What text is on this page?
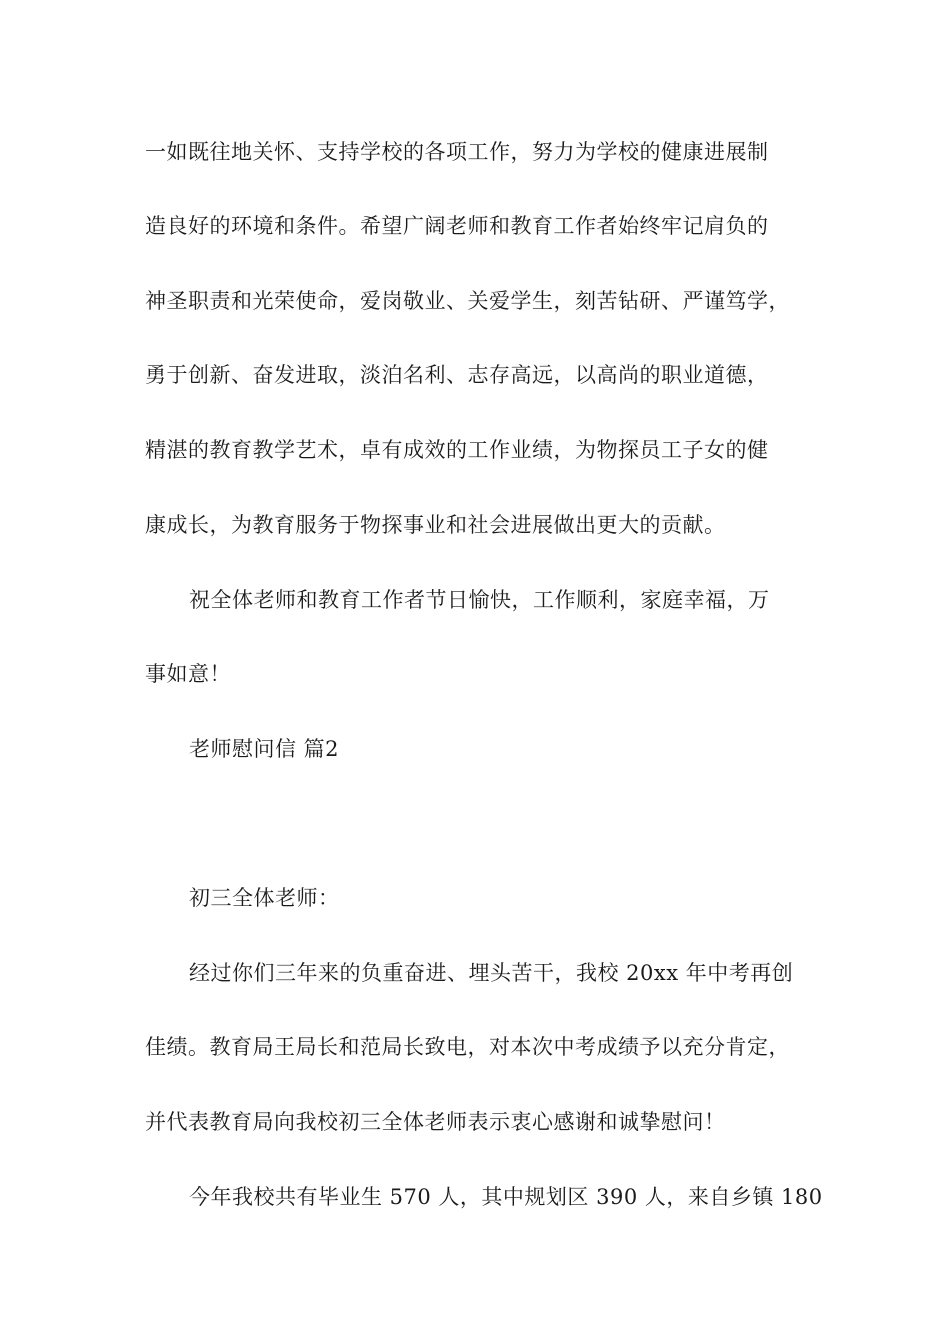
一如既往地关怀、支持学校的各项工作，努力为学校的健康进展制
造良好的环境和条件。希望广阔老师和教育工作者始终牢记肩负的
神圣职责和光荣使命，爱岗敬业、关爱学生，刻苦钻研、严谨笃学，
勇于创新、奋发进取，淡泊名利、志存高远，以高尚的职业道德，
精湛的教育教学艺术，卓有成效的工作业绩，为物探员工子女的健
康成长，为教育服务于物探事业和社会进展做出更大的贡献。
祝全体老师和教育工作者节日愉快，工作顺利，家庭幸福，万
事如意！
老师慰问信 篇2
初三全体老师：
经过你们三年来的负重奋进、埋头苦干，我校 20xx 年中考再创
佳绩。教育局王局长和范局长致电，对本次中考成绩予以充分肯定，
并代表教育局向我校初三全体老师表示衷心感谢和诚挚慰问！
今年我校共有毕业生 570 人，其中规划区 390 人，来自乡镇 180
